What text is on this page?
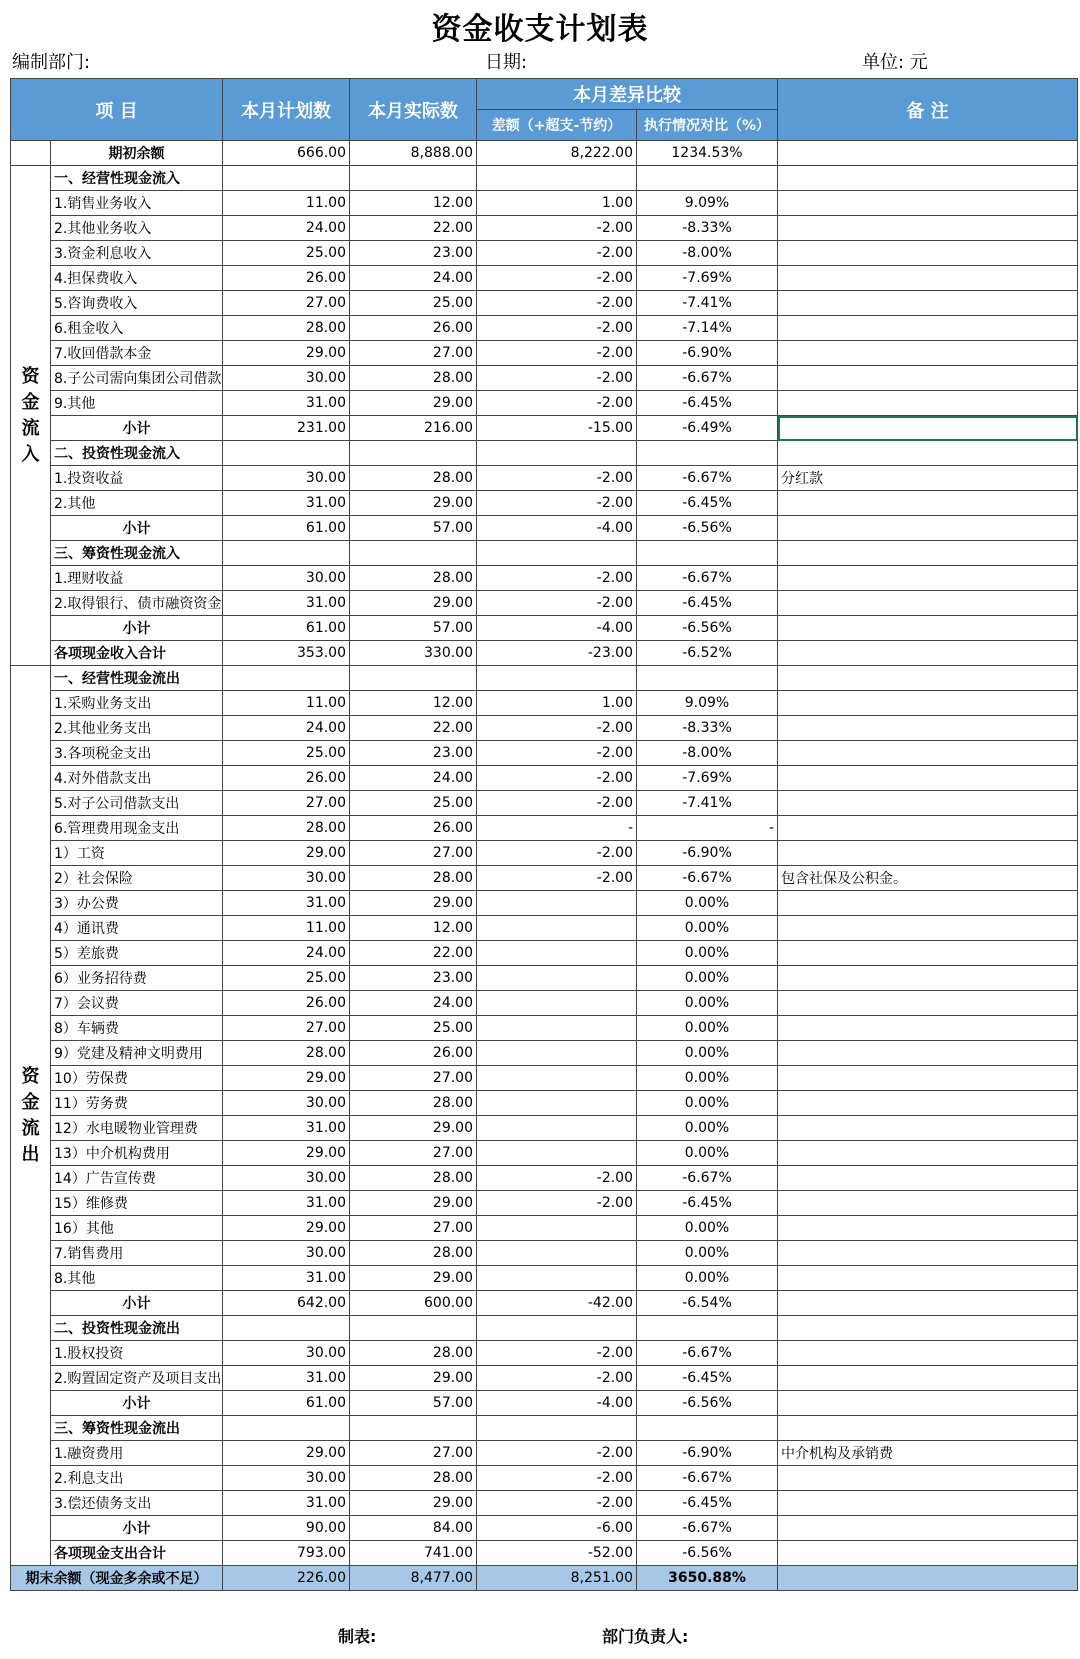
资金收支计划表
编制部门:	日期:	单位: 元
项 目		本月计划数	本月实际数	本月差异比较		备 注
				差额（+超支-节约）	执行情况对比（%）	
	期初余额	666.00	8,888.00	8,222.00	1234.53%	

资
金
流
入	一、经营性现金流入					
	1.销售业务收入	11.00	12.00	1.00	9.09%	
	2.其他业务收入	24.00	22.00	-2.00	-8.33%	
	3.资金利息收入	25.00	23.00	-2.00	-8.00%	
	4.担保费收入	26.00	24.00	-2.00	-7.69%	
	5.咨询费收入	27.00	25.00	-2.00	-7.41%	
	6.租金收入	28.00	26.00	-2.00	-7.14%	
	7.收回借款本金	29.00	27.00	-2.00	-6.90%	
	8.子公司需向集团公司借款	30.00	28.00	-2.00	-6.67%	
	9.其他	31.00	29.00	-2.00	-6.45%	
	小计	231.00	216.00	-15.00	-6.49%	
	二、投资性现金流入					
	1.投资收益	30.00	28.00	-2.00	-6.67%	分红款
	2.其他	31.00	29.00	-2.00	-6.45%	
	小计	61.00	57.00	-4.00	-6.56%	
	三、筹资性现金流入					
	1.理财收益	30.00	28.00	-2.00	-6.67%	
	2.取得银行、债市融资资金	31.00	29.00	-2.00	-6.45%	
	小计	61.00	57.00	-4.00	-6.56%	
	各项现金收入合计	353.00	330.00	-23.00	-6.52%	

资
金
流
出	一、经营性现金流出					
	1.采购业务支出	11.00	12.00	1.00	9.09%	
	2.其他业务支出	24.00	22.00	-2.00	-8.33%	
	3.各项税金支出	25.00	23.00	-2.00	-8.00%	
	4.对外借款支出	26.00	24.00	-2.00	-7.69%	
	5.对子公司借款支出	27.00	25.00	-2.00	-7.41%	
	6.管理费用现金支出	28.00	26.00	-	-	
	1）工资	29.00	27.00	-2.00	-6.90%	
	2）社会保险	30.00	28.00	-2.00	-6.67%	包含社保及公积金。
	3）办公费	31.00	29.00		0.00%	
	4）通讯费	11.00	12.00		0.00%	
	5）差旅费	24.00	22.00		0.00%	
	6）业务招待费	25.00	23.00		0.00%	
	7）会议费	26.00	24.00		0.00%	
	8）车辆费	27.00	25.00		0.00%	
	9）党建及精神文明费用	28.00	26.00		0.00%	
	10）劳保费	29.00	27.00		0.00%	
	11）劳务费	30.00	28.00		0.00%	
	12）水电暖物业管理费	31.00	29.00		0.00%	
	13）中介机构费用	29.00	27.00		0.00%	
	14）广告宣传费	30.00	28.00	-2.00	-6.67%	
	15）维修费	31.00	29.00	-2.00	-6.45%	
	16）其他	29.00	27.00		0.00%	
	7.销售费用	30.00	28.00		0.00%	
	8.其他	31.00	29.00		0.00%	
	小计	642.00	600.00	-42.00	-6.54%	
	二、投资性现金流出					
	1.股权投资	30.00	28.00	-2.00	-6.67%	
	2.购置固定资产及项目支出	31.00	29.00	-2.00	-6.45%	
	小计	61.00	57.00	-4.00	-6.56%	
	三、筹资性现金流出					
	1.融资费用	29.00	27.00	-2.00	-6.90%	中介机构及承销费
	2.利息支出	30.00	28.00	-2.00	-6.67%	
	3.偿还债务支出	31.00	29.00	-2.00	-6.45%	
	小计	90.00	84.00	-6.00	-6.67%	
	各项现金支出合计	793.00	741.00	-52.00	-6.56%	
期末余额（现金多余或不足）		226.00	8,477.00	8,251.00	3650.88%	
制表:	部门负责人:
